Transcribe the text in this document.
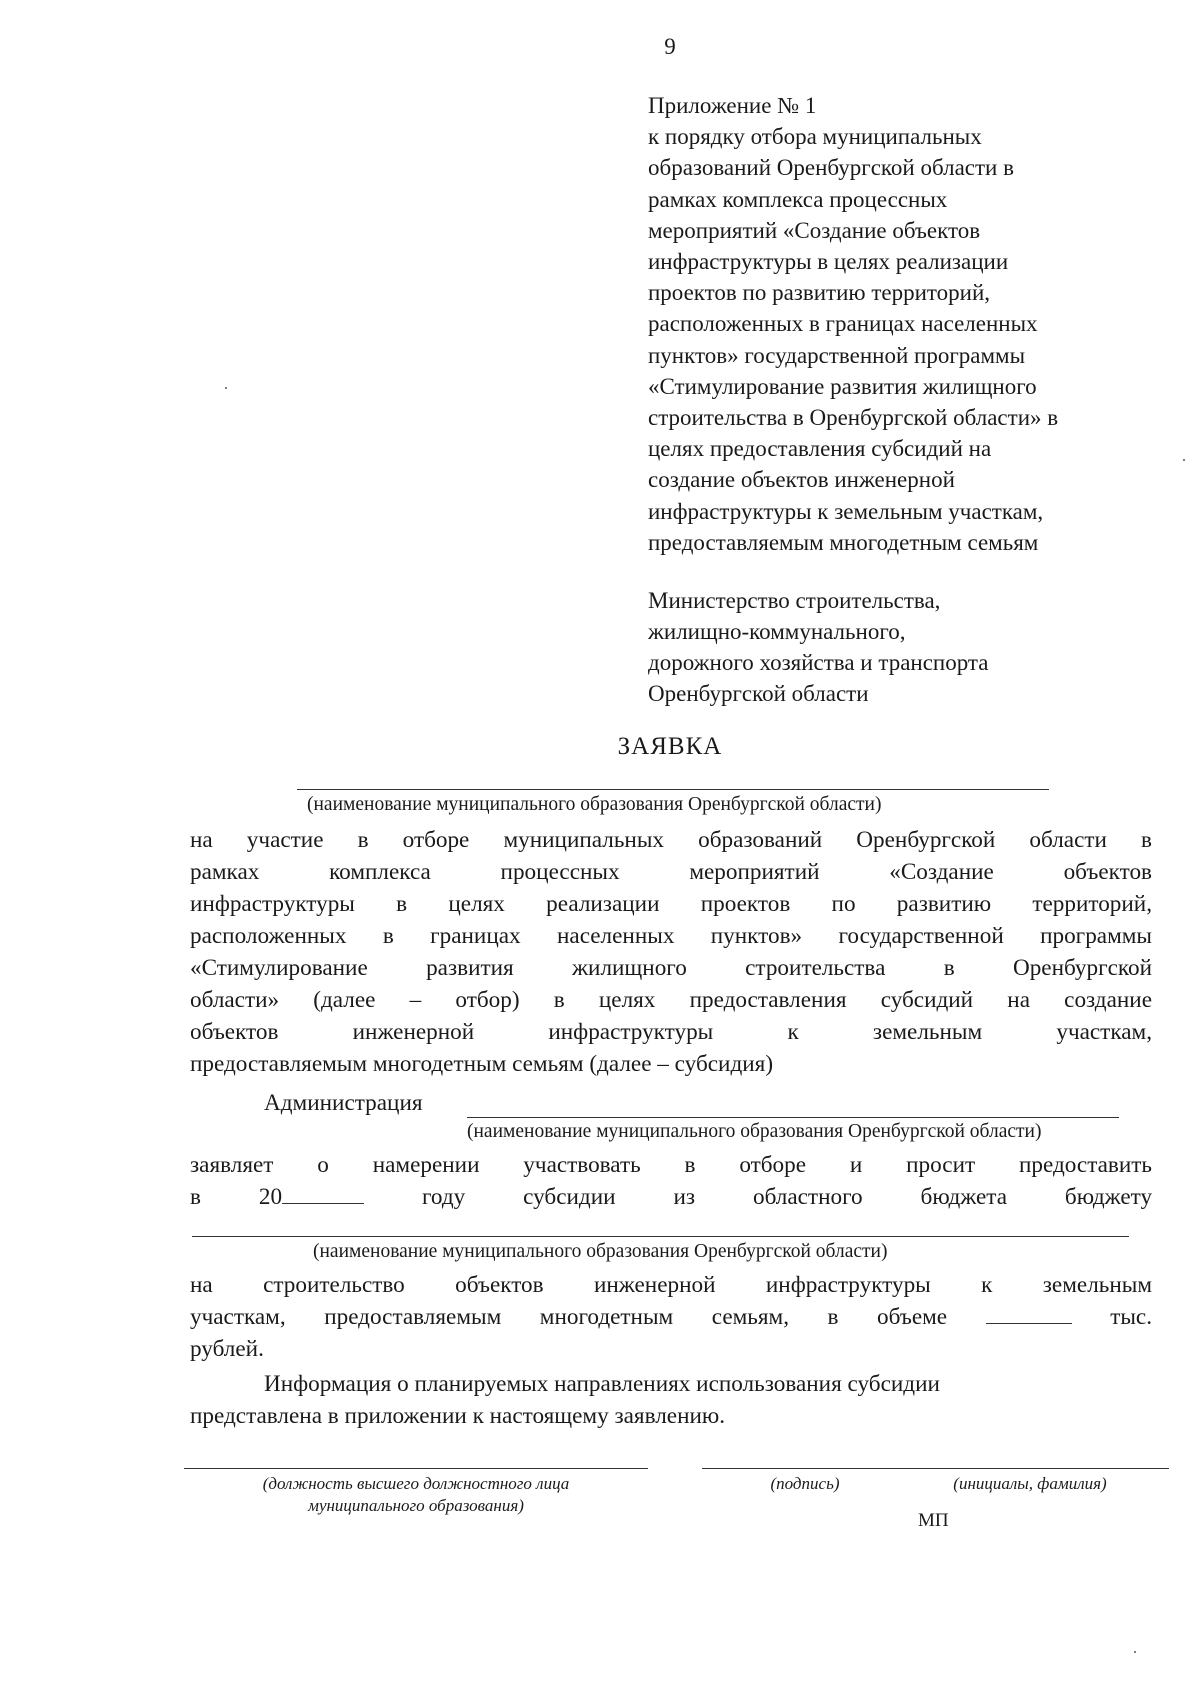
9
Приложение № 1
к порядку отбора муниципальных
образований Оренбургской области в
рамках комплекса процессных
мероприятий «Создание объектов
инфраструктуры в целях реализации
проектов по развитию территорий,
расположенных в границах населенных
пунктов» государственной программы
«Стимулирование развития жилищного
строительства в Оренбургской области» в
целях предоставления субсидий на
создание объектов инженерной
инфраструктуры к земельным участкам,
предоставляемым многодетным семьям
Министерство строительства,
жилищно-коммунального,
дорожного хозяйства и транспорта
Оренбургской области
ЗАЯВКА
(наименование муниципального образования Оренбургской области)
на участие в отборе муниципальных образований Оренбургской области в
рамках комплекса процессных мероприятий «Создание объектов
инфраструктуры в целях реализации проектов по развитию территорий,
расположенных в границах населенных пунктов» государственной программы
«Стимулирование развития жилищного строительства в Оренбургской
области» (далее – отбор) в целях предоставления субсидий на создание
объектов инженерной инфраструктуры к земельным участкам,
предоставляемым многодетным семьям (далее – субсидия)
Администрация
(наименование муниципального образования Оренбургской области)
заявляет о намерении участвовать в отборе и просит предоставить
в 20	году субсидии из областного бюджета бюджету
(наименование муниципального образования Оренбургской области)
на строительство объектов инженерной инфраструктуры к земельным
участкам, предоставляемым многодетным семьям, в объеме	тыс.
рублей.
Информация о планируемых направлениях использования субсидии
представлена в приложении к настоящему заявлению.
(должность высшего должностного лица
муниципального образования)
(подпись)	(инициалы, фамилия)
МП
